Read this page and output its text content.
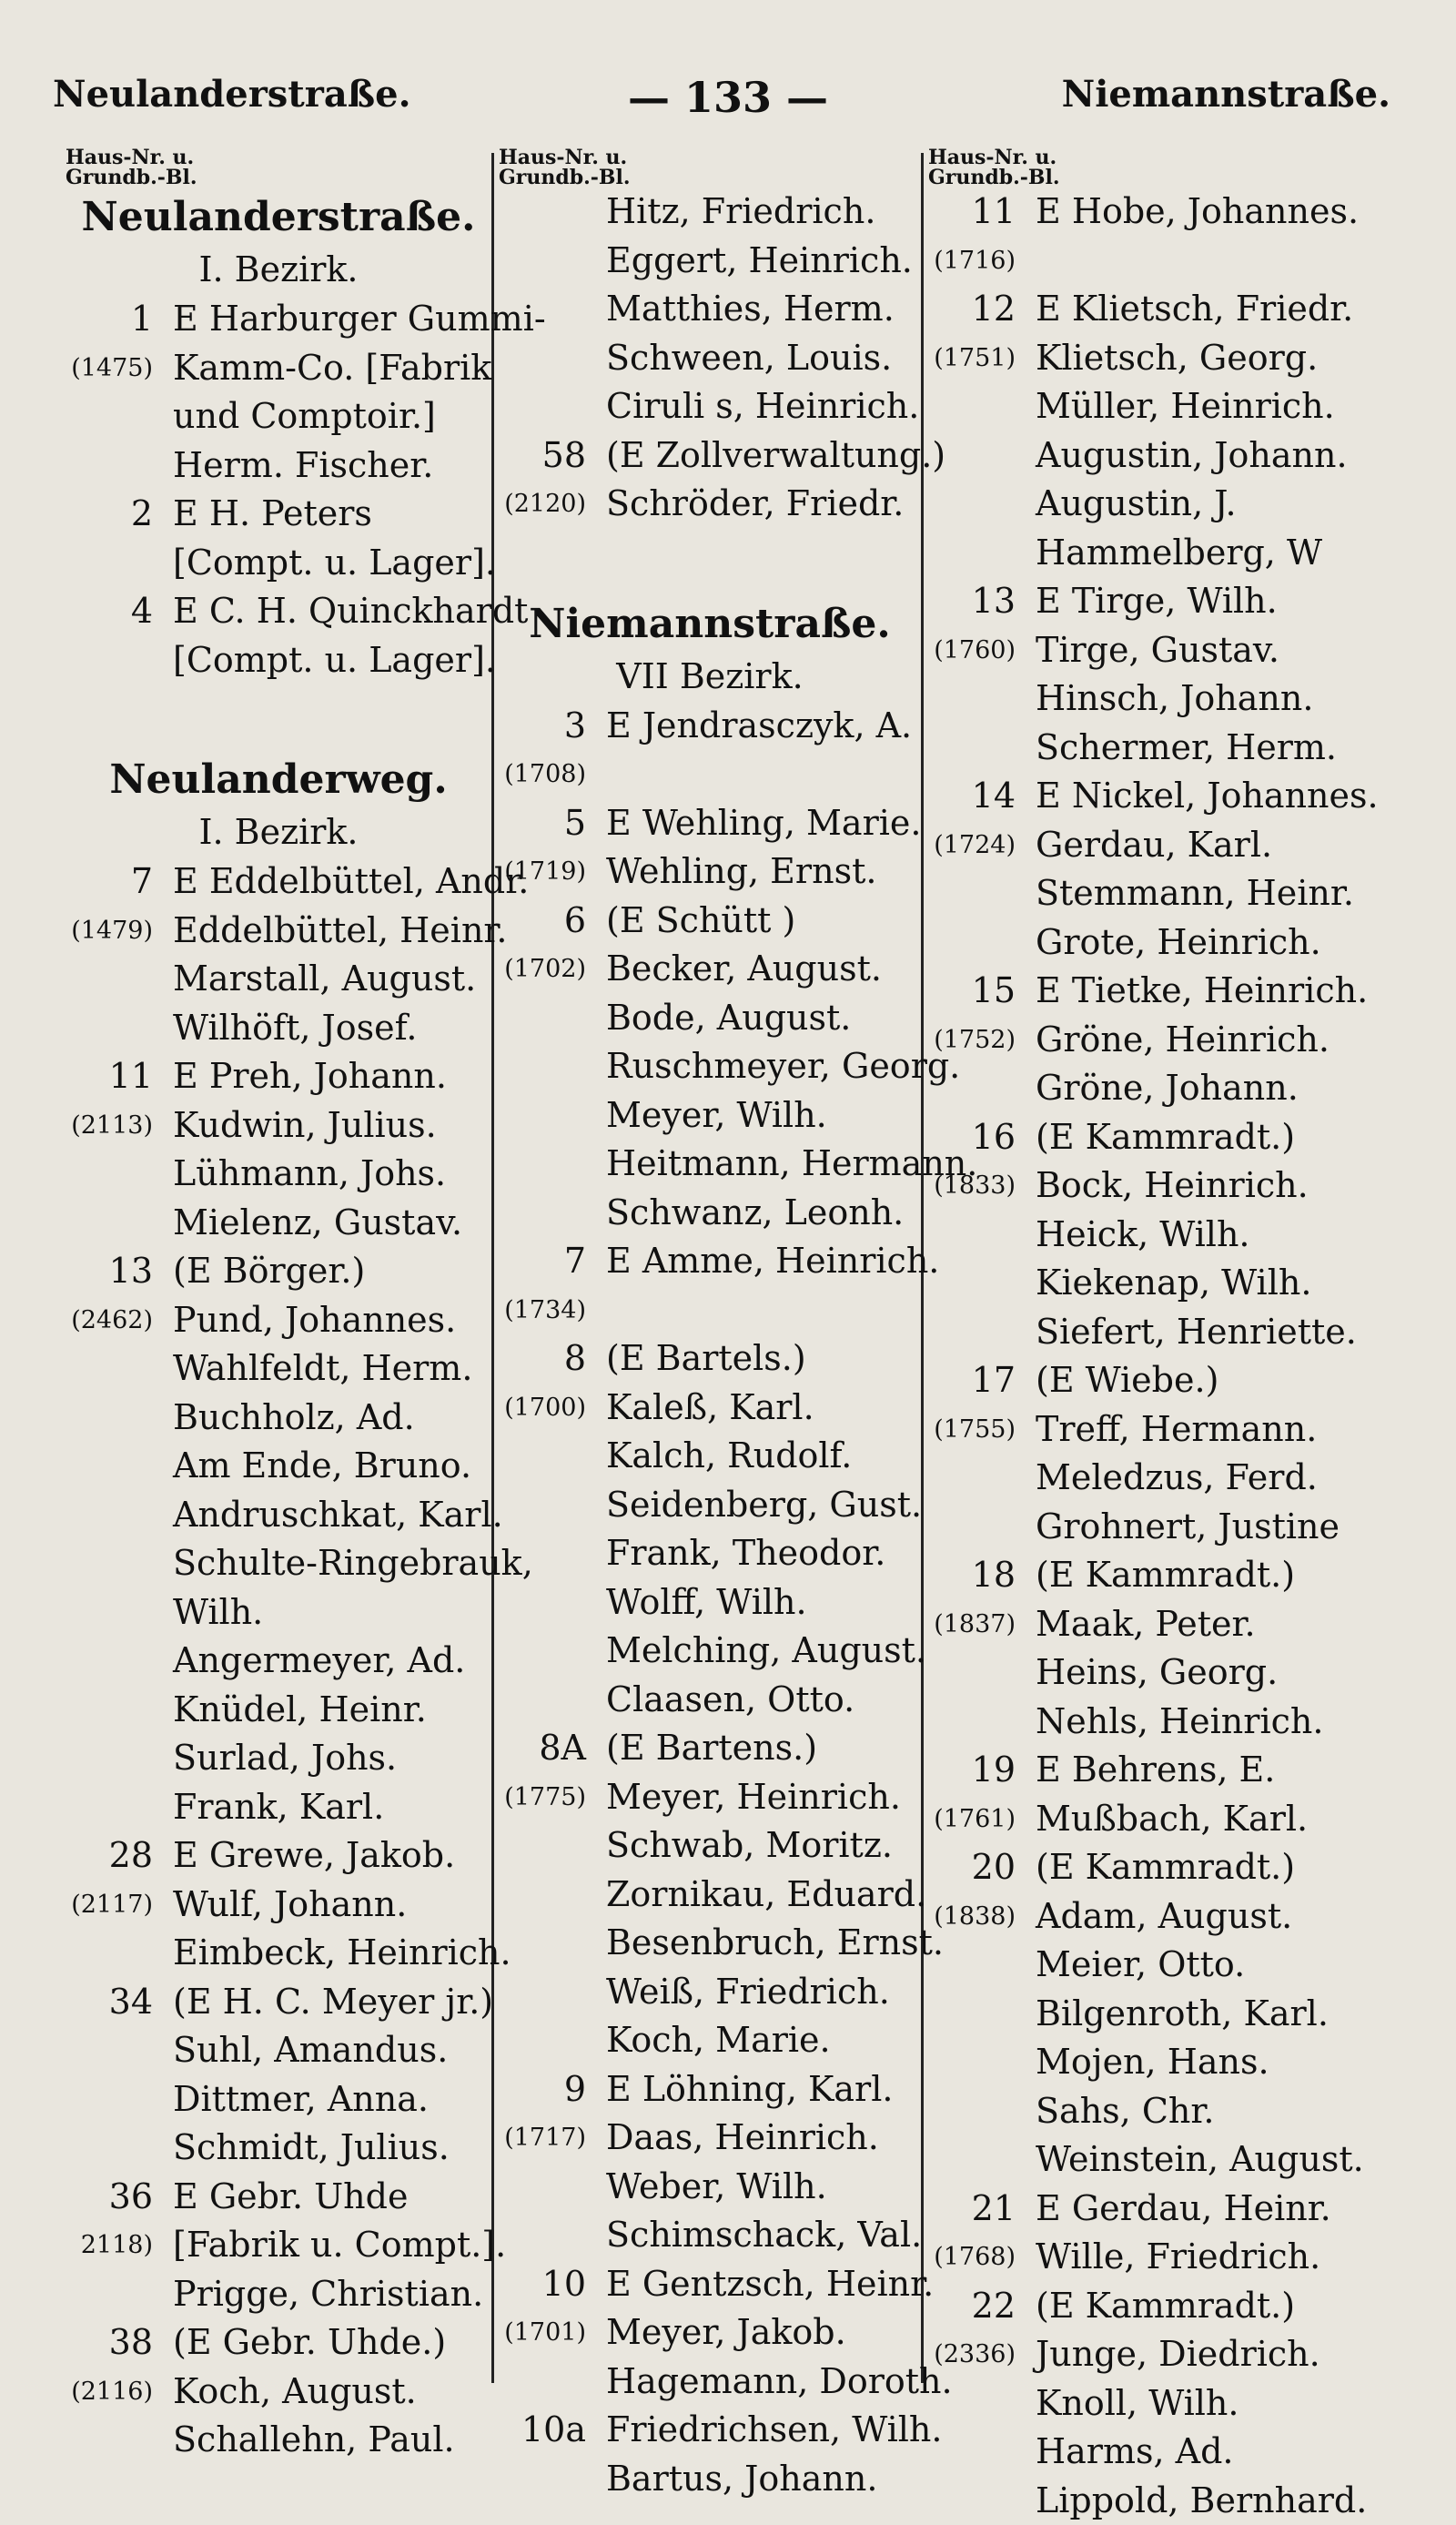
— 133 —
Neulanderstraße.	Niemannstraße.
Haus-Nr. u.
Grundb.-Bl.
Neulanderstraße.
I. Bezirk.
1 E Harburger Gummi-
(1475) Kamm-Co. [Fabrik
und Comptoir.]
Herm. Fischer.
2 E H. Peters
[Compt. u. Lager].
4 E C. H. Quinckhardt
[Compt. u. Lager].
Neulanderweg.
I. Bezirk.
7 E Eddelbüttel, Andr.
(1479) Eddelbüttel, Heinr.
Marstall, August.
Wilhöft, Josef.
11 E Preh, Johann.
(2113) Kudwin, Julius.
Lühmann, Johs.
Mielenz, Gustav.
13 (E Börger.)
(2462) Pund, Johannes.
Wahlfeldt, Herm.
Buchholz, Ad.
Am Ende, Bruno.
Andruschkat, Karl.
Schulte-Ringebrauk,
Wilh.
Angermeyer, Ad.
Knüdel, Heinr.
Surlad, Johs.
Frank, Karl.
28 E Grewe, Jakob.
(2117) Wulf, Johann.
Eimbeck, Heinrich.
34 (E H. C. Meyer jr.)
Suhl, Amandus.
Dittmer, Anna.
Schmidt, Julius.
36 E Gebr. Uhde
2118) [Fabrik u. Compt.].
Prigge, Christian.
38 (E Gebr. Uhde.)
(2116) Koch, August.
Schallehn, Paul.
Haus-Nr. u.
Grundb.-Bl.
Hitz, Friedrich.
Eggert, Heinrich.
Matthies, Herm.
Schween, Louis.
Ciruli s, Heinrich.
58 (E Zollverwaltung.)
(2120) Schröder, Friedr.
Niemannstraße.
VII Bezirk.
3 E Jendrasczyk, A.
(1708)
5 E Wehling, Marie.
(1719) Wehling, Ernst.
6 (E Schütt )
(1702) Becker, August.
Bode, August.
Ruschmeyer, Georg.
Meyer, Wilh.
Heitmann, Hermann.
Schwanz, Leonh.
7 E Amme, Heinrich.
(1734)
8 (E Bartels.)
(1700) Kaleß, Karl.
Kalch, Rudolf.
Seidenberg, Gust.
Frank, Theodor.
Wolff, Wilh.
Melching, August.
Claasen, Otto.
8A (E Bartens.)
(1775) Meyer, Heinrich.
Schwab, Moritz.
Zornikau, Eduard.
Besenbruch, Ernst.
Weiß, Friedrich.
Koch, Marie.
9 E Löhning, Karl.
(1717) Daas, Heinrich.
Weber, Wilh.
Schimschack, Val.
10 E Gentzsch, Heinr.
(1701) Meyer, Jakob.
Hagemann, Doroth.
10a Friedrichsen, Wilh.
Bartus, Johann.
Haus-Nr. u.
Grundb.-Bl.
11 E Hobe, Johannes.
(1716)
12 E Klietsch, Friedr.
(1751) Klietsch, Georg.
Müller, Heinrich.
Augustin, Johann.
Augustin, J.
Hammelberg, W
13 E Tirge, Wilh.
(1760) Tirge, Gustav.
Hinsch, Johann.
Schermer, Herm.
14 E Nickel, Johannes.
(1724) Gerdau, Karl.
Stemmann, Heinr.
Grote, Heinrich.
15 E Tietke, Heinrich.
(1752) Gröne, Heinrich.
Gröne, Johann.
16 (E Kammradt.)
(1833) Bock, Heinrich.
Heick, Wilh.
Kiekenap, Wilh.
Siefert, Henriette.
17 (E Wiebe.)
(1755) Treff, Hermann.
Meledzus, Ferd.
Grohnert, Justine
18 (E Kammradt.)
(1837) Maak, Peter.
Heins, Georg.
Nehls, Heinrich.
19 E Behrens, E.
(1761) Mußbach, Karl.
20 (E Kammradt.)
(1838) Adam, August.
Meier, Otto.
Bilgenroth, Karl.
Mojen, Hans.
Sahs, Chr.
Weinstein, August.
21 E Gerdau, Heinr.
(1768) Wille, Friedrich.
22 (E Kammradt.)
(2336) Junge, Diedrich.
Knoll, Wilh.
Harms, Ad.
Lippold, Bernhard.
